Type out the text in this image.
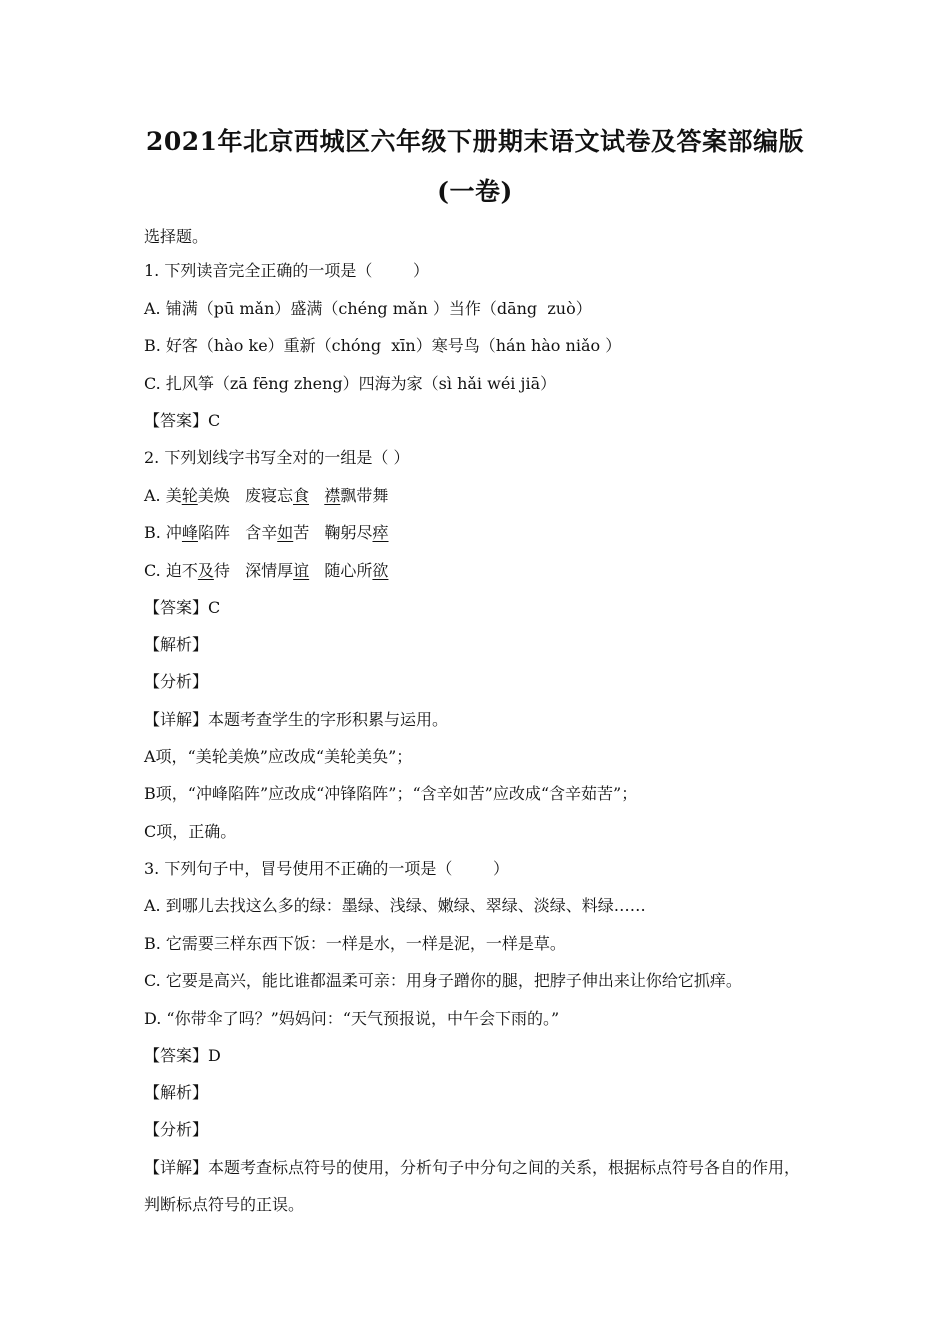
2021年北京西城区六年级下册期末语文试卷及答案部编版
(一卷)
选择题。
1. 下列读音完全正确的一项是（        ）
A. 铺满（pū mǎn）盛满（chéng mǎn ）当作（dāng  zuò）
B. 好客（hào ke）重新（chóng  xīn）寒号鸟（hán hào niǎo ）
C. 扎风筝（zā fēng zheng）四海为家（sì hǎi wéi jiā）
【答案】C
2. 下列划线字书写全对的一组是（ ）
A. 美轮美焕   废寝忘食 襟飘带舞
B. 冲峰陷阵   含辛如苦   鞠躬尽瘁
C. 迫不及待   深情厚谊   随心所欲
【答案】C
【解析】
【分析】
【详解】本题考查学生的字形积累与运用。
A项，“美轮美焕”应改成“美轮美奂”；
B项，“冲峰陷阵”应改成“冲锋陷阵”；“含辛如苦”应改成“含辛茹苦”；
C项，正确。
3. 下列句子中，冒号使用不正确的一项是（        ）
A. 到哪儿去找这么多的绿：墨绿、浅绿、嫩绿、翠绿、淡绿、料绿……
B. 它需要三样东西下饭：一样是水，一样是泥，一样是草。
C. 它要是高兴，能比谁都温柔可亲：用身子蹭你的腿，把脖子伸出来让你给它抓痒。
D. “你带伞了吗？”妈妈问：“天气预报说，中午会下雨的。”
【答案】D
【解析】
【分析】
【详解】本题考查标点符号的使用，分析句子中分句之间的关系，根据标点符号各自的作用，
判断标点符号的正误。
